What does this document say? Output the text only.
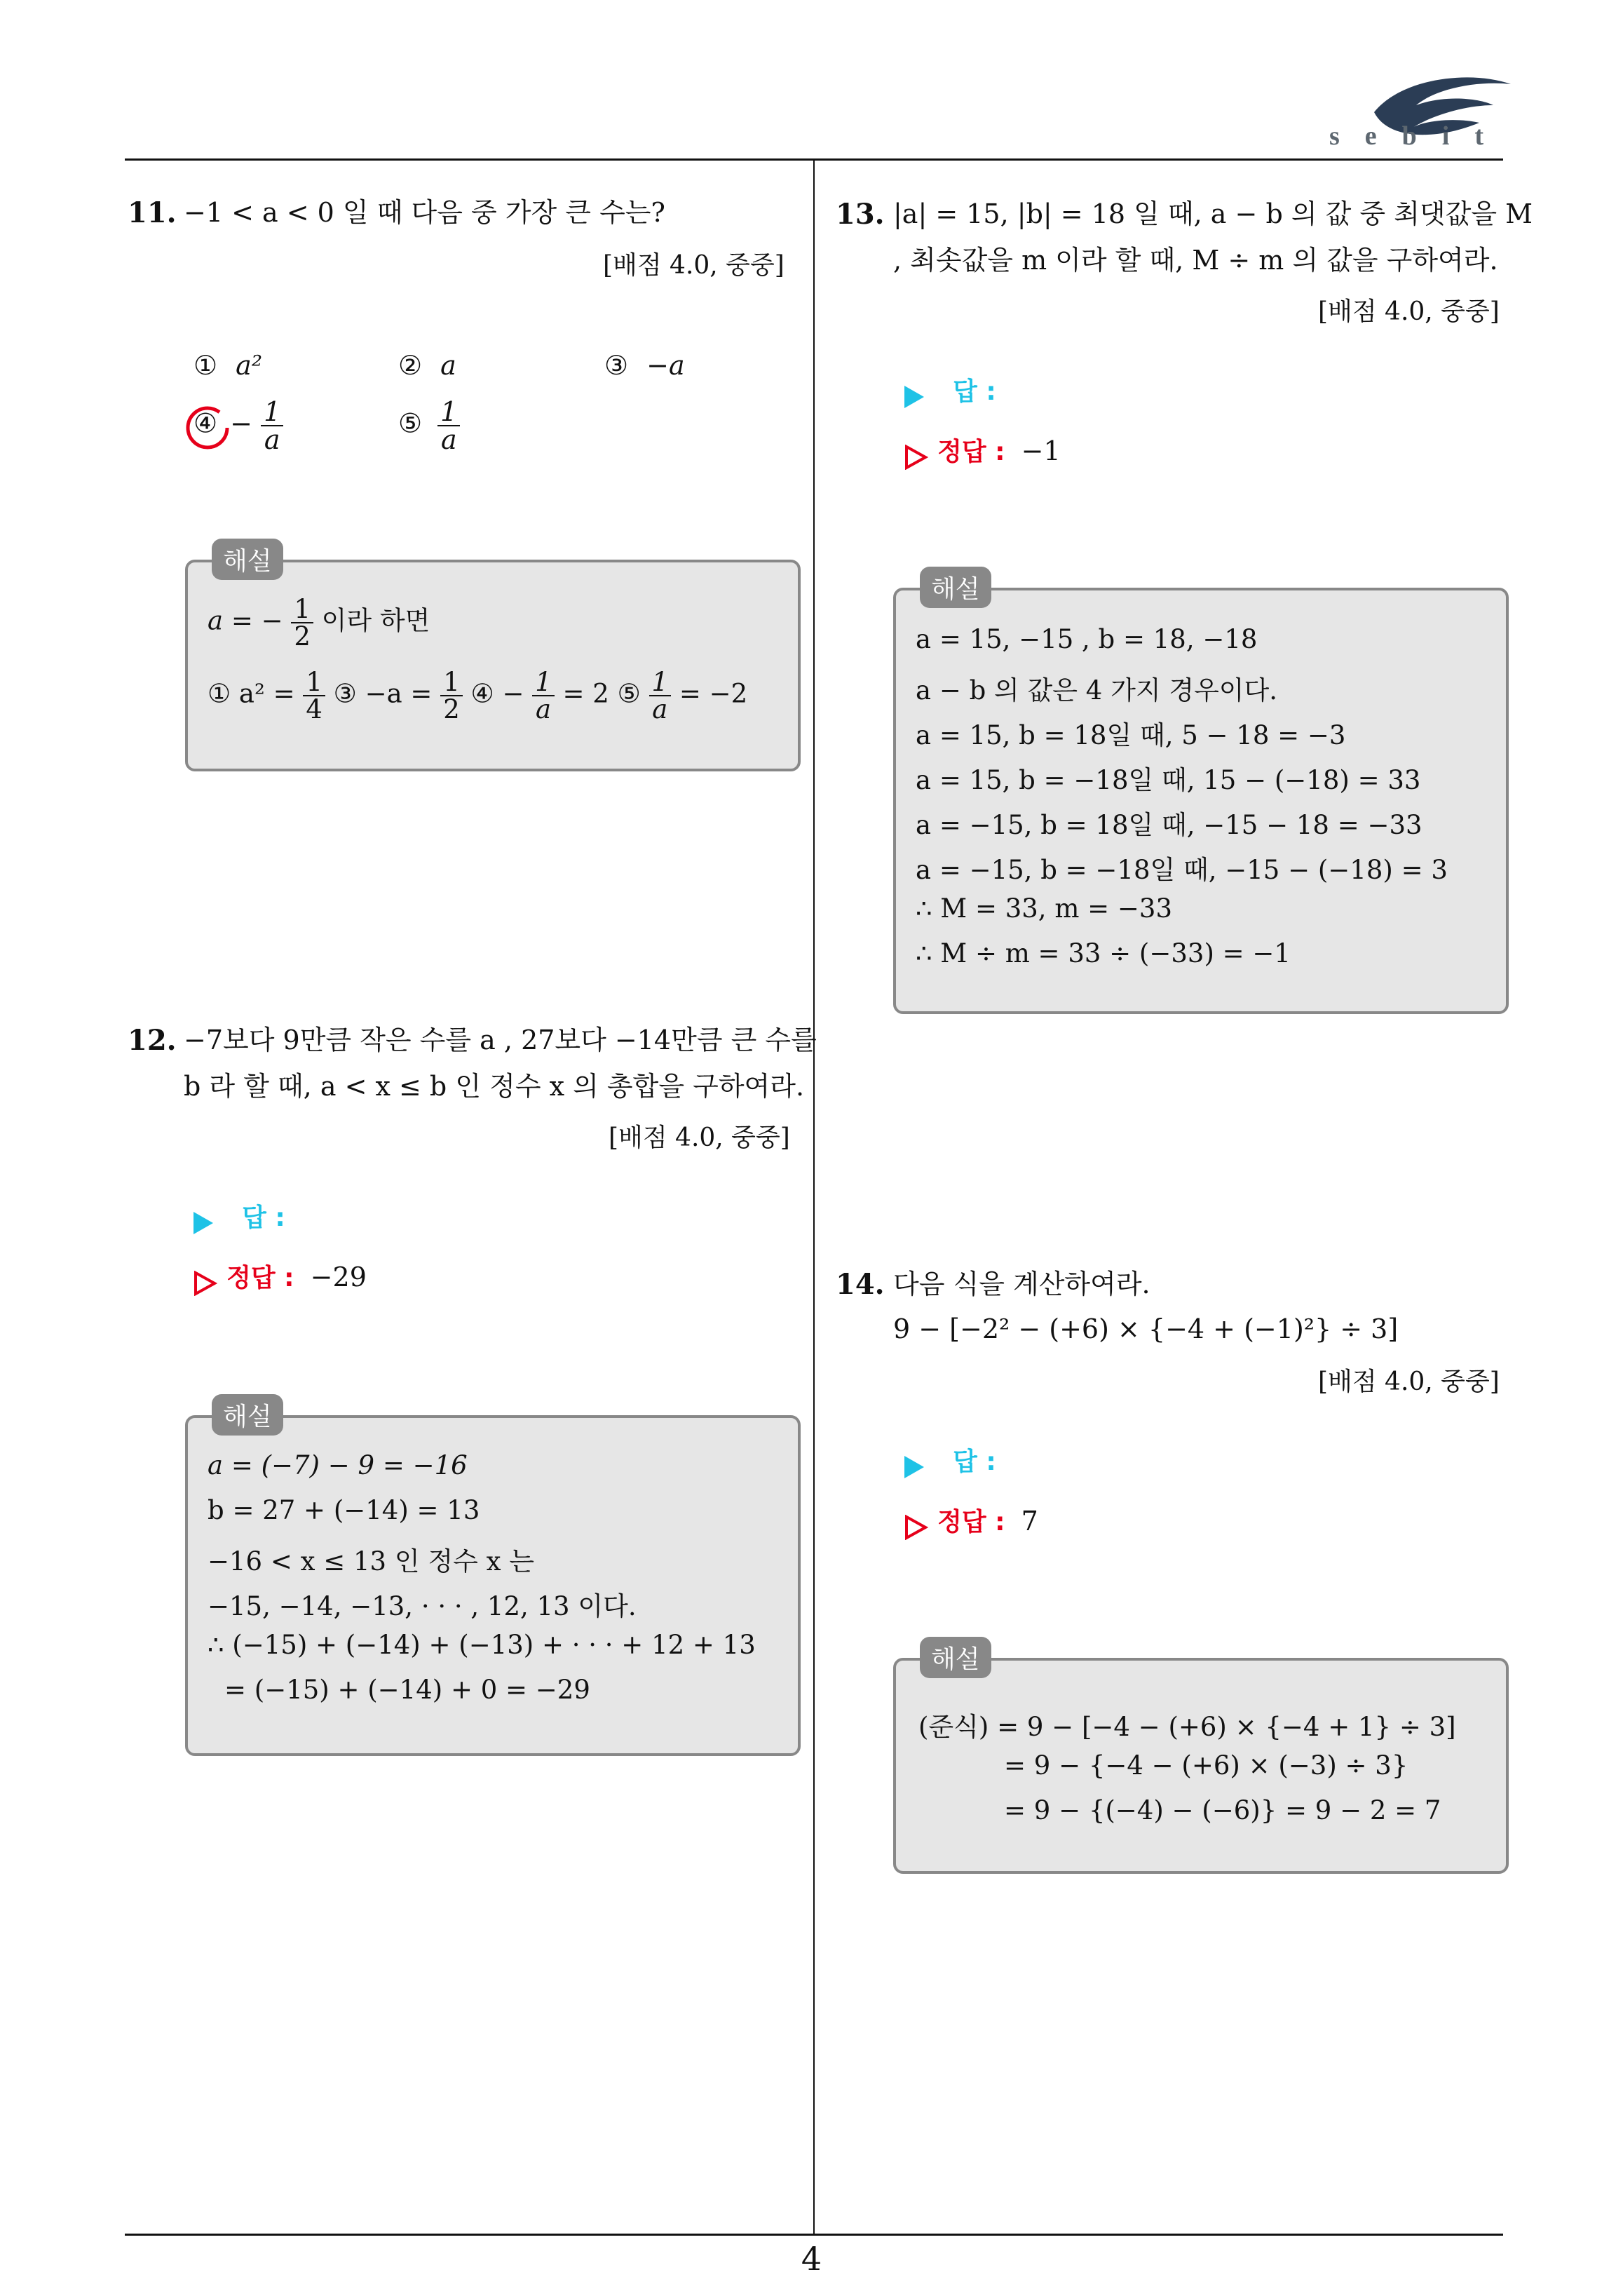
sebit
11. −1 < a < 0 일 때 다음 중 가장 큰 수는?
[배점 4.0, 중중]
① a²	② a	③ −a
④ − $\frac{1}{a}$	⑤ $\frac{1}{a}$
해설
a = − $\frac{1}{2}$ 이라 하면
① $a^2 = \frac{1}{4}$ ③ $-a = \frac{1}{2}$ ④ − $\frac{1}{a} = 2$ ⑤ $\frac{1}{a} = -2$
12. −7보다 9만큼 작은 수를 a , 27보다 −14만큼 큰 수를
b 라 할 때, a < x ≤ b 인 정수 x 의 총합을 구하여라.
[배점 4.0, 중중]
답 :
정답 : −29
해설
a = (−7) − 9 = −16
b = 27 + (−14) = 13
−16 < x ≤ 13 인 정수 x 는
−15, −14, −13, · · · , 12, 13 이다.
∴ (−15) + (−14) + (−13) + · · · + 12 + 13
= (−15) + (−14) + 0 = −29
13. |a| = 15, |b| = 18 일 때, a − b 의 값 중 최댓값을 M
, 최솟값을 m 이라 할 때, M ÷ m 의 값을 구하여라.
[배점 4.0, 중중]
답 :
정답 : −1
해설
a = 15, −15 , b = 18, −18
a − b 의 값은 4 가지 경우이다.
a = 15, b = 18일 때, 5 − 18 = −3
a = 15, b = −18일 때, 15 − (−18) = 33
a = −15, b = 18일 때, −15 − 18 = −33
a = −15, b = −18일 때, −15 − (−18) = 3
∴ M = 33, m = −33
∴ M ÷ m = 33 ÷ (−33) = −1
14. 다음 식을 계산하여라.
9 − [−2² − (+6) × {−4 + (−1)²} ÷ 3]
[배점 4.0, 중중]
답 :
정답 : 7
해설
(준식) = 9 − [−4 − (+6) × {−4 + 1} ÷ 3]
= 9 − {−4 − (+6) × (−3) ÷ 3}
= 9 − {(−4) − (−6)} = 9 − 2 = 7
4
